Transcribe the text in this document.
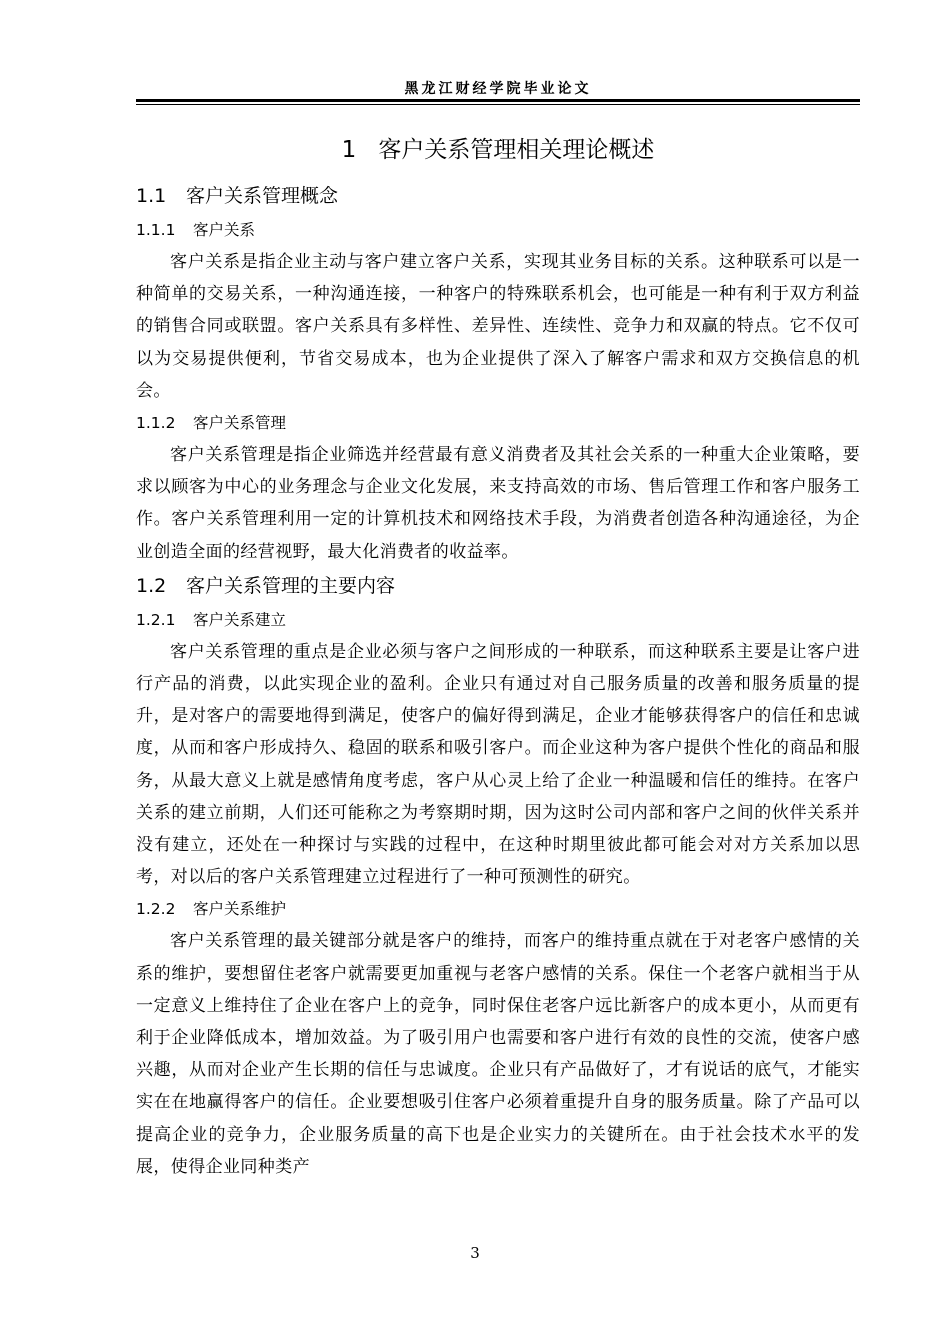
黑龙江财经学院毕业论文
1 客户关系管理相关理论概述
1.1 客户关系管理概念
1.1.1 客户关系

客户关系是指企业主动与客户建立客户关系，实现其业务目标的关系。这种联系可以是一种简单的交易关系，一种沟通连接，一种客户的特殊联系机会，也可能是一种有利于双方利益的销售合同或联盟。客户关系具有多样性、差异性、连续性、竞争力和双赢的特点。它不仅可以为交易提供便利，节省交易成本，也为企业提供了深入了解客户需求和双方交换信息的机会。

1.1.2 客户关系管理

客户关系管理是指企业筛选并经营最有意义消费者及其社会关系的一种重大企业策略，要求以顾客为中心的业务理念与企业文化发展，来支持高效的市场、售后管理工作和客户服务工作。客户关系管理利用一定的计算机技术和网络技术手段，为消费者创造各种沟通途径，为企业创造全面的经营视野，最大化消费者的收益率。

1.2 客户关系管理的主要内容
1.2.1 客户关系建立

客户关系管理的重点是企业必须与客户之间形成的一种联系，而这种联系主要是让客户进行产品的消费，以此实现企业的盈利。企业只有通过对自己服务质量的改善和服务质量的提升，是对客户的需要地得到满足，使客户的偏好得到满足，企业才能够获得客户的信任和忠诚度，从而和客户形成持久、稳固的联系和吸引客户。而企业这种为客户提供个性化的商品和服务，从最大意义上就是感情角度考虑，客户从心灵上给了企业一种温暖和信任的维持。在客户关系的建立前期，人们还可能称之为考察期时期，因为这时公司内部和客户之间的伙伴关系并没有建立，还处在一种探讨与实践的过程中，在这种时期里彼此都可能会对对方关系加以思考，对以后的客户关系管理建立过程进行了一种可预测性的研究。

1.2.2 客户关系维护

客户关系管理的最关键部分就是客户的维持，而客户的维持重点就在于对老客户感情的关系的维护，要想留住老客户就需要更加重视与老客户感情的关系。保住一个老客户就相当于从一定意义上维持住了企业在客户上的竞争，同时保住老客户远比新客户的成本更小，从而更有利于企业降低成本，增加效益。为了吸引用户也需要和客户进行有效的良性的交流，使客户感兴趣，从而对企业产生长期的信任与忠诚度。企业只有产品做好了，才有说话的底气，才能实实在在地赢得客户的信任。企业要想吸引住客户必须着重提升自身的服务质量。除了产品可以提高企业的竞争力，企业服务质量的高下也是企业实力的关键所在。由于社会技术水平的发展，使得企业同种类产

3
